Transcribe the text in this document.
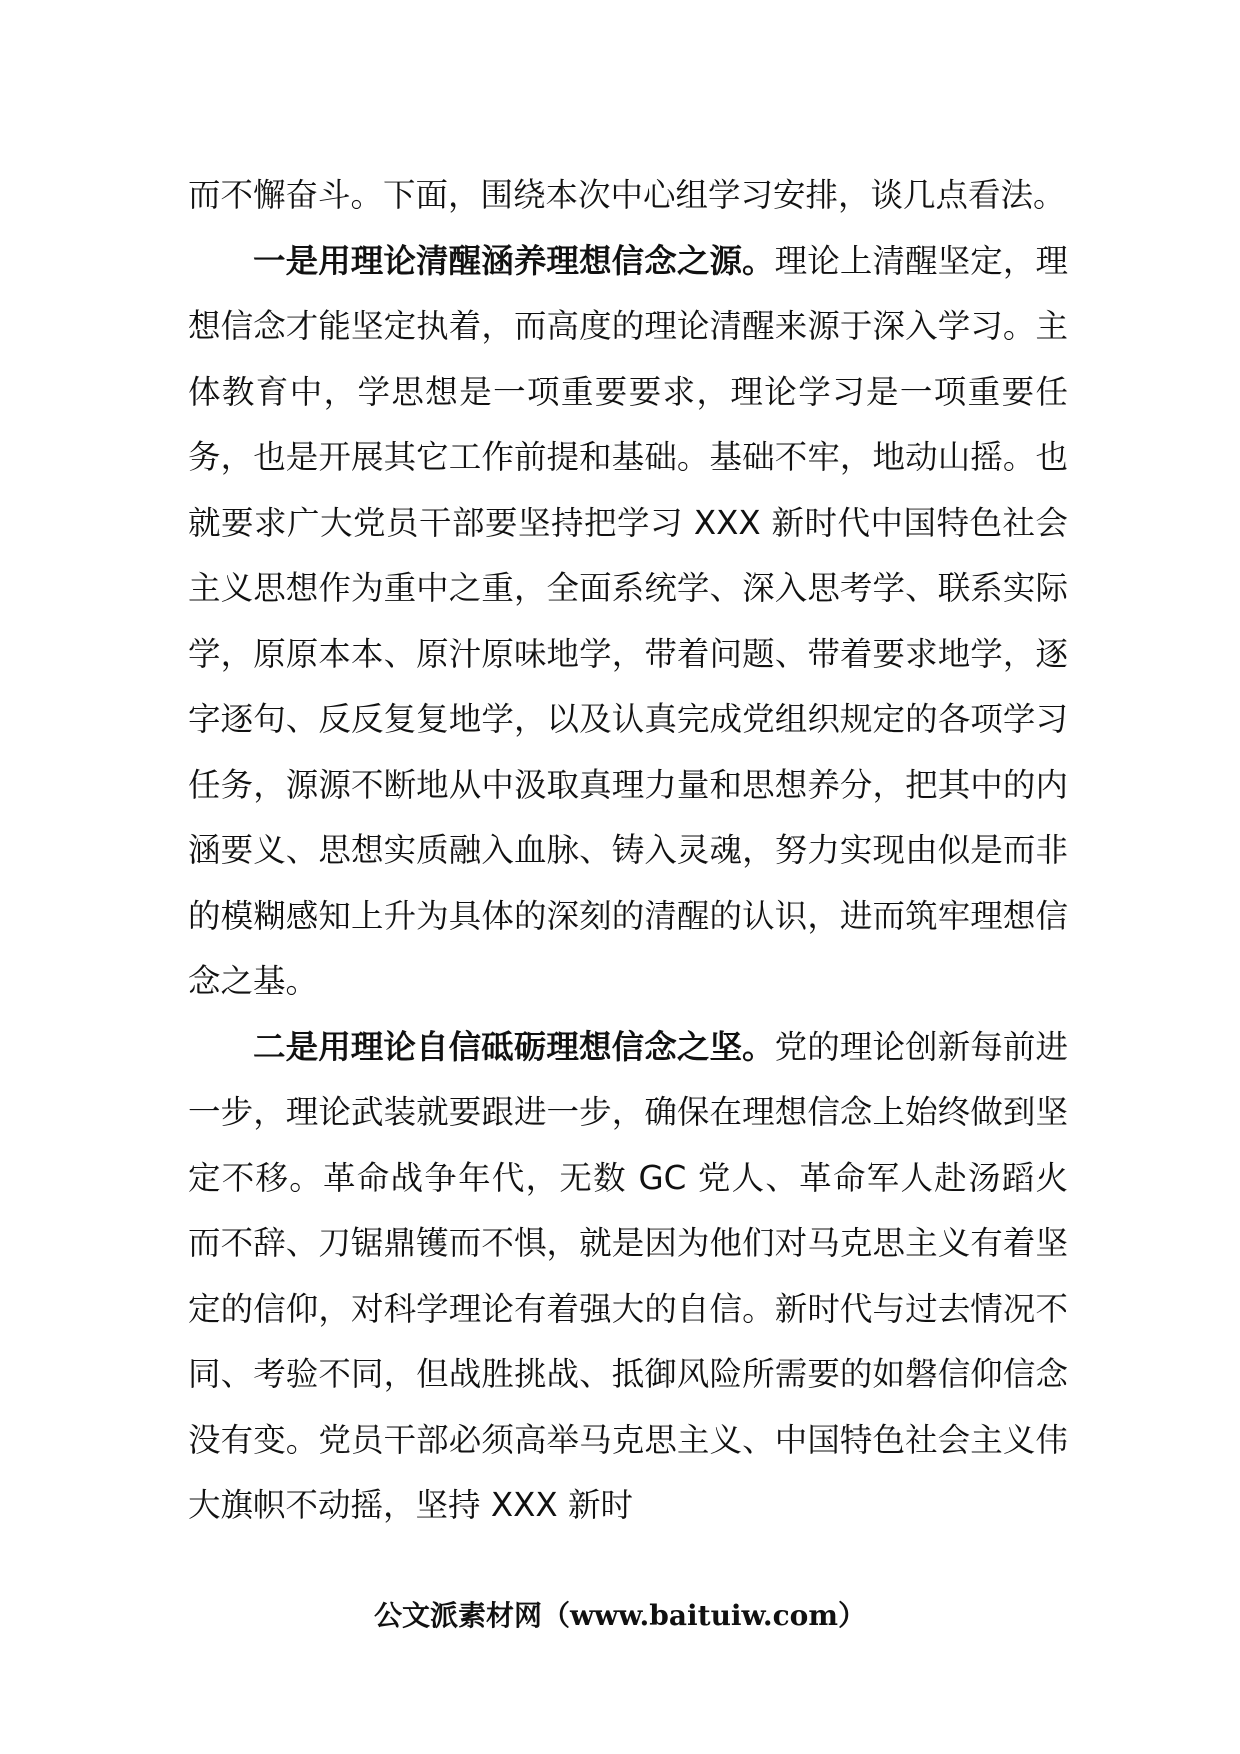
而不懈奋斗。下面，围绕本次中心组学习安排，谈几点看法。

一是用理论清醒涵养理想信念之源。理论上清醒坚定，理想信念才能坚定执着，而高度的理论清醒来源于深入学习。主体教育中，学思想是一项重要要求，理论学习是一项重要任务，也是开展其它工作前提和基础。基础不牢，地动山摇。也就要求广大党员干部要坚持把学习 XXX 新时代中国特色社会主义思想作为重中之重，全面系统学、深入思考学、联系实际学，原原本本、原汁原味地学，带着问题、带着要求地学，逐字逐句、反反复复地学，以及认真完成党组织规定的各项学习任务，源源不断地从中汲取真理力量和思想养分，把其中的内涵要义、思想实质融入血脉、铸入灵魂，努力实现由似是而非的模糊感知上升为具体的深刻的清醒的认识，进而筑牢理想信念之基。

二是用理论自信砥砺理想信念之坚。党的理论创新每前进一步，理论武装就要跟进一步，确保在理想信念上始终做到坚定不移。革命战争年代，无数 GC 党人、革命军人赴汤蹈火而不辞、刀锯鼎镬而不惧，就是因为他们对马克思主义有着坚定的信仰，对科学理论有着强大的自信。新时代与过去情况不同、考验不同，但战胜挑战、抵御风险所需要的如磐信仰信念没有变。党员干部必须高举马克思主义、中国特色社会主义伟大旗帜不动摇，坚持 XXX 新时

公文派素材网（www.baituiw.com）
